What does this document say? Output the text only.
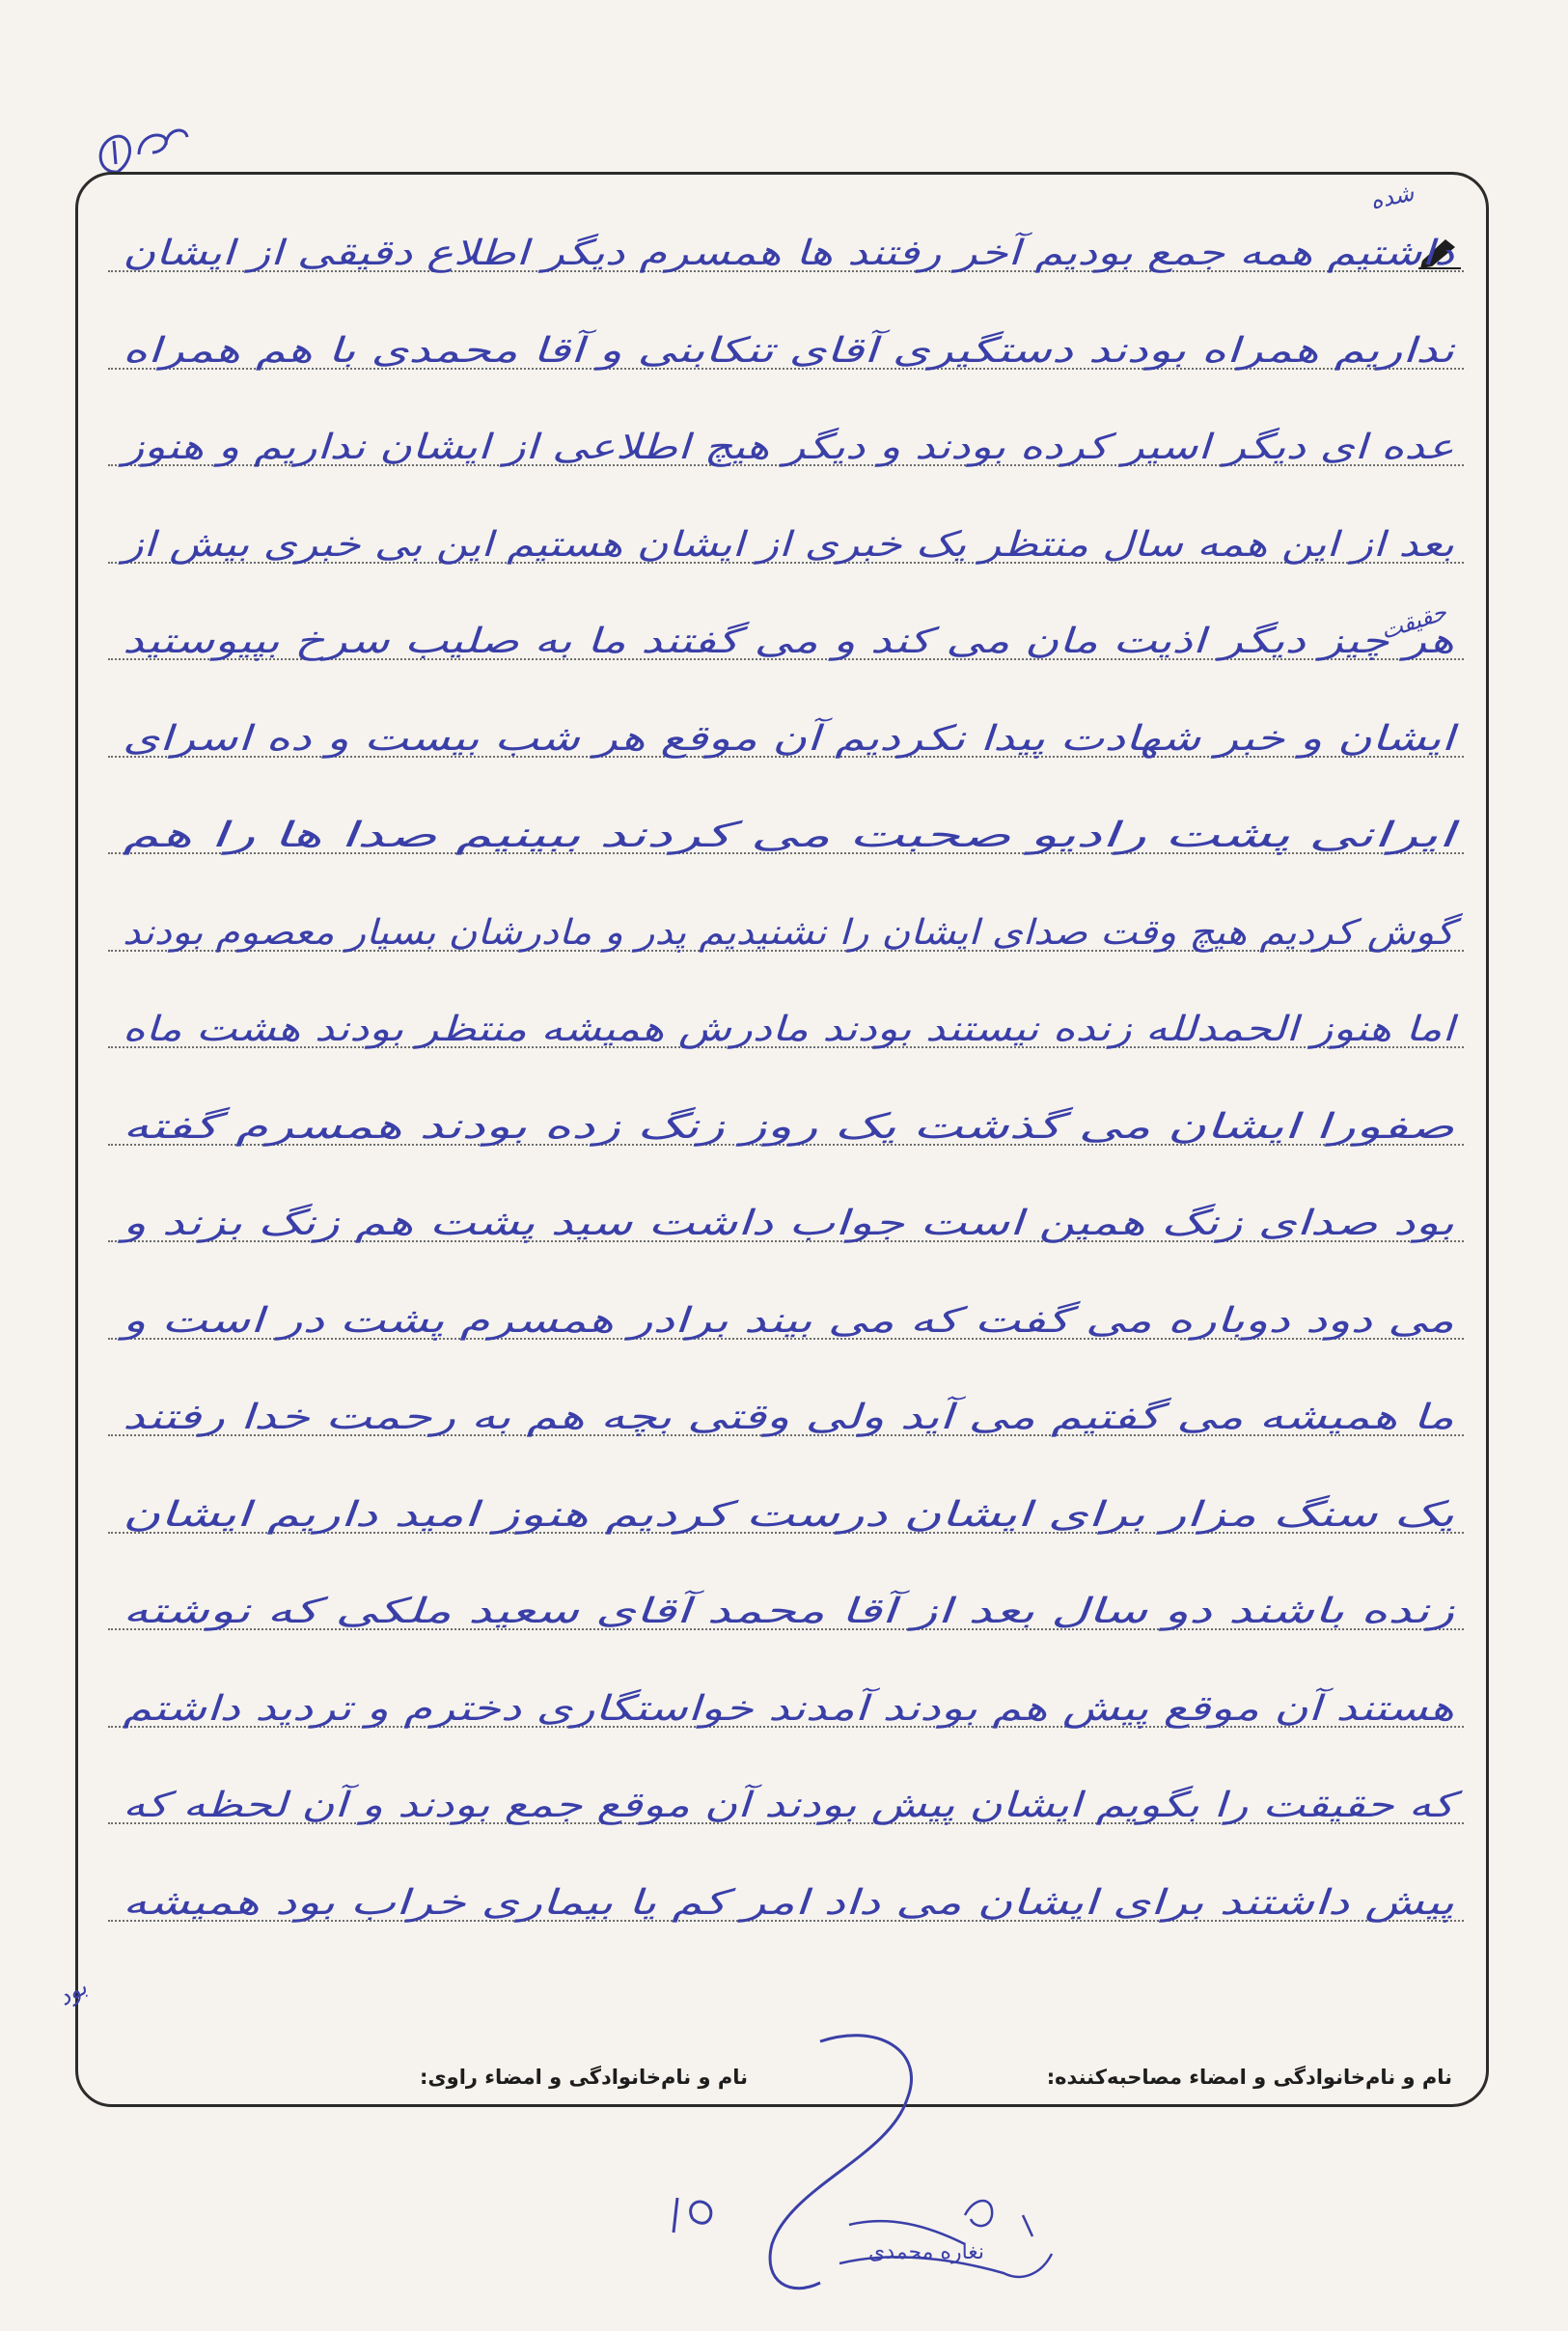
داشتیم همه جمع بودیم آخر رفتند ها همسرم دیگر اطلاع دقیقی از ایشان
نداریم همراه بودند دستگیری آقای تنکابنی و آقا محمدی با هم همراه
عده ای دیگر اسیر کرده بودند و دیگر هیچ اطلاعی از ایشان نداریم و هنوز
بعد از این همه سال منتظر یک خبری از ایشان هستیم این بی خبری بیش از
هر چیز دیگر اذیت مان می کند و می گفتند ما به صلیب سرخ بپیوستید
ایشان و خبر شهادت پیدا نکردیم آن موقع هر شب بیست و ده اسرای
ایرانی پشت رادیو صحبت می کردند ببینیم صدا ها را هم
گوش کردیم هیچ وقت صدای ایشان را نشنیدیم پدر و مادرشان بسیار معصوم بودند
اما هنوز الحمدلله زنده نیستند بودند مادرش همیشه منتظر بودند هشت ماه
صفورا ایشان می گذشت یک روز زنگ زده بودند همسرم گفته
بود صدای زنگ همین است جواب داشت سید پشت هم زنگ بزند و
می دود دوباره می گفت که می بیند برادر همسرم پشت در است و
ما همیشه می گفتیم می آید ولی وقتی بچه هم به رحمت خدا رفتند
یک سنگ مزار برای ایشان درست کردیم هنوز امید داریم ایشان
زنده باشند دو سال بعد از آقا محمد آقای سعید ملکی که نوشته
هستند آن موقع پیش هم بودند آمدند خواستگاری دخترم و تردید داشتم
که حقیقت را بگویم ایشان پیش بودند آن موقع جمع بودند و آن لحظه که
پیش داشتند برای ایشان می داد امر کم یا بیماری خراب بود همیشه
شده
حقیقت
بود
نام و نام‌خانوادگی و امضاء مصاحبه‌کننده:
نام و نام‌خانوادگی و امضاء راوی:
نغاره محمدی
